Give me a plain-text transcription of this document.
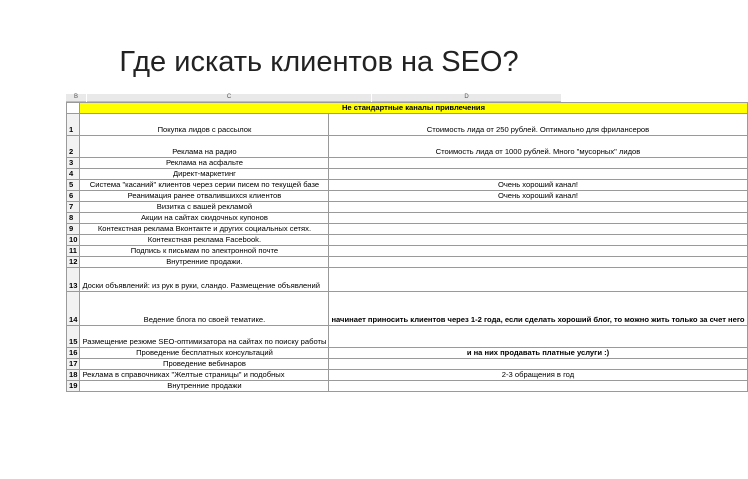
Где искать клиентов на SEO?
B	C	D
	Не стандартные каналы привлечения	
1	Покупка лидов с рассылок	Стоимость лида от 250 рублей. Оптимально для фрилансеров
2	Реклама на радио	Стоимость лида от 1000 рублей. Много "мусорных" лидов
3	Реклама на асфальте	
4	Директ-маркетинг	
5	Система "касаний" клиентов через серии писем по текущей базе	Очень хороший канал!
6	Реанимация ранее отвалившихся клиентов	Очень хороший канал!
7	Визитка с вашей рекламой	
8	Акции на сайтах скидочных купонов	
9	Контекстная реклама Вконтакте и других социальных сетях.	
10	Контекстная реклама Facebook.	
11	Подпись к письмам по электронной почте	
12	Внутренние продажи.	
13	Доски объявлений: из рук в руки, сландо. Размещение объявлений	
14	Ведение блога по своей тематике.	начинает приносить клиентов через 1-2 года, если сделать хороший блог, то можно жить только за счет него
15	Размещение резюме SEO-оптимизатора на сайтах по поиску работы	
16	Проведение бесплатных консультаций	и на них продавать платные услуги :)
17	Проведение вебинаров	
18	Реклама в справочниках "Желтые страницы" и подобных	2-3 обращения в год
19	Внутренние продажи	
